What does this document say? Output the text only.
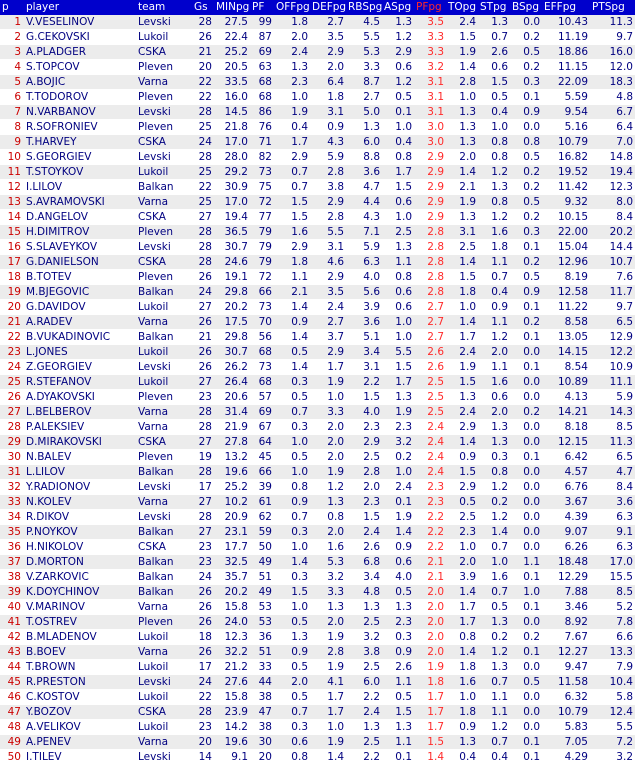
p	player	team	Gs	MINpg	PF	OFFpg	DEFpg	RBSpg	ASpg	PFpg	TOpg	STpg	BSpg	EFFpg	PTSpg
1	V.VESELINOV	Levski	28	27.5	99	1.8	2.7	4.5	1.3	3.5	2.4	1.3	0.0	10.43	11.3
2	G.CEKOVSKI	Lukoil	26	22.4	87	2.0	3.5	5.5	1.2	3.3	1.5	0.7	0.2	11.19	9.7
3	A.PLADGER	CSKA	21	25.2	69	2.4	2.9	5.3	2.9	3.3	1.9	2.6	0.5	18.86	16.0
4	S.TOPCOV	Pleven	20	20.5	63	1.3	2.0	3.3	0.6	3.2	1.4	0.6	0.2	11.15	12.0
5	A.BOJIC	Varna	22	33.5	68	2.3	6.4	8.7	1.2	3.1	2.8	1.5	0.3	22.09	18.3
6	T.TODOROV	Pleven	22	16.0	68	1.0	1.8	2.7	0.5	3.1	1.0	0.5	0.1	5.59	4.8
7	N.VARBANOV	Levski	28	14.5	86	1.9	3.1	5.0	0.1	3.1	1.3	0.4	0.9	9.54	6.7
8	R.SOFRONIEV	Pleven	25	21.8	76	0.4	0.9	1.3	1.0	3.0	1.3	1.0	0.0	5.16	6.4
9	T.HARVEY	CSKA	24	17.0	71	1.7	4.3	6.0	0.4	3.0	1.3	0.8	0.8	10.79	7.0
10	S.GEORGIEV	Levski	28	28.0	82	2.9	5.9	8.8	0.8	2.9	2.0	0.8	0.5	16.82	14.8
11	T.STOYKOV	Lukoil	25	29.2	73	0.7	2.8	3.6	1.7	2.9	1.4	1.2	0.2	19.52	19.4
12	I.LILOV	Balkan	22	30.9	75	0.7	3.8	4.7	1.5	2.9	2.1	1.3	0.2	11.42	12.3
13	S.AVRAMOVSKI	Varna	25	17.0	72	1.5	2.9	4.4	0.6	2.9	1.9	0.8	0.5	9.32	8.0
14	D.ANGELOV	CSKA	27	19.4	77	1.5	2.8	4.3	1.0	2.9	1.3	1.2	0.2	10.15	8.4
15	H.DIMITROV	Pleven	28	36.5	79	1.6	5.5	7.1	2.5	2.8	3.1	1.6	0.3	22.00	20.2
16	S.SLAVEYKOV	Levski	28	30.7	79	2.9	3.1	5.9	1.3	2.8	2.5	1.8	0.1	15.04	14.4
17	G.DANIELSON	CSKA	28	24.6	79	1.8	4.6	6.3	1.1	2.8	1.4	1.1	0.2	12.96	10.7
18	B.TOTEV	Pleven	26	19.1	72	1.1	2.9	4.0	0.8	2.8	1.5	0.7	0.5	8.19	7.6
19	M.BJEGOVIC	Balkan	24	29.8	66	2.1	3.5	5.6	0.6	2.8	1.8	0.4	0.9	12.58	11.7
20	G.DAVIDOV	Lukoil	27	20.2	73	1.4	2.4	3.9	0.6	2.7	1.0	0.9	0.1	11.22	9.7
21	A.RADEV	Varna	26	17.5	70	0.9	2.7	3.6	1.0	2.7	1.4	1.1	0.2	8.58	6.5
22	B.VUKADINOVIC	Balkan	21	29.8	56	1.4	3.7	5.1	1.0	2.7	1.7	1.2	0.1	13.05	12.9
23	L.JONES	Lukoil	26	30.7	68	0.5	2.9	3.4	5.5	2.6	2.4	2.0	0.0	14.15	12.2
24	Z.GEORGIEV	Levski	26	26.2	73	1.4	1.7	3.1	1.5	2.6	1.9	1.1	0.1	8.54	10.9
25	R.STEFANOV	Lukoil	27	26.4	68	0.3	1.9	2.2	1.7	2.5	1.5	1.6	0.0	10.89	11.1
26	A.DYAKOVSKI	Pleven	23	20.6	57	0.5	1.0	1.5	1.3	2.5	1.3	0.6	0.0	4.13	5.9
27	L.BELBEROV	Varna	28	31.4	69	0.7	3.3	4.0	1.9	2.5	2.4	2.0	0.2	14.21	14.3
28	P.ALEKSIEV	Varna	28	21.9	67	0.3	2.0	2.3	2.3	2.4	2.9	1.3	0.0	8.18	8.5
29	D.MIRAKOVSKI	CSKA	27	27.8	64	1.0	2.0	2.9	3.2	2.4	1.4	1.3	0.0	12.15	11.3
30	N.BALEV	Pleven	19	13.2	45	0.5	2.0	2.5	0.2	2.4	0.9	0.3	0.1	6.42	6.5
31	L.LILOV	Balkan	28	19.6	66	1.0	1.9	2.8	1.0	2.4	1.5	0.8	0.0	4.57	4.7
32	Y.RADIONOV	Levski	17	25.2	39	0.8	1.2	2.0	2.4	2.3	2.9	1.2	0.0	6.76	8.4
33	N.KOLEV	Varna	27	10.2	61	0.9	1.3	2.3	0.1	2.3	0.5	0.2	0.0	3.67	3.6
34	R.DIKOV	Levski	28	20.9	62	0.7	0.8	1.5	1.9	2.2	2.5	1.2	0.0	4.39	6.3
35	P.NOYKOV	Balkan	27	23.1	59	0.3	2.0	2.4	1.4	2.2	2.3	1.4	0.0	9.07	9.1
36	H.NIKOLOV	CSKA	23	17.7	50	1.0	1.6	2.6	0.9	2.2	1.0	0.7	0.0	6.26	6.3
37	D.MORTON	Balkan	23	32.5	49	1.4	5.3	6.8	0.6	2.1	2.0	1.0	1.1	18.48	17.0
38	V.ZARKOVIC	Balkan	24	35.7	51	0.3	3.2	3.4	4.0	2.1	3.9	1.6	0.1	12.29	15.5
39	K.DOYCHINOV	Balkan	26	20.2	49	1.5	3.3	4.8	0.5	2.0	1.4	0.7	1.0	7.88	8.5
40	V.MARINOV	Varna	26	15.8	53	1.0	1.3	1.3	1.3	2.0	1.7	0.5	0.1	3.46	5.2
41	T.OSTREV	Pleven	26	24.0	53	0.5	2.0	2.5	2.3	2.0	1.7	1.3	0.0	8.92	7.8
42	B.MLADENOV	Lukoil	18	12.3	36	1.3	1.9	3.2	0.3	2.0	0.8	0.2	0.2	7.67	6.6
43	B.BOEV	Varna	26	32.2	51	0.9	2.8	3.8	0.9	2.0	1.4	1.2	0.1	12.27	13.3
44	T.BROWN	Lukoil	17	21.2	33	0.5	1.9	2.5	2.6	1.9	1.8	1.3	0.0	9.47	7.9
45	R.PRESTON	Levski	24	27.6	44	2.0	4.1	6.0	1.1	1.8	1.6	0.7	0.5	11.58	10.4
46	C.KOSTOV	Lukoil	22	15.8	38	0.5	1.7	2.2	0.5	1.7	1.0	1.1	0.0	6.32	5.8
47	Y.BOZOV	CSKA	28	23.9	47	0.7	1.7	2.4	1.5	1.7	1.8	1.1	0.0	10.79	12.4
48	A.VELIKOV	Lukoil	23	14.2	38	0.3	1.0	1.3	1.3	1.7	0.9	1.2	0.0	5.83	5.5
49	A.PENEV	Varna	20	19.6	30	0.6	1.9	2.5	1.1	1.5	1.3	0.7	0.1	7.05	7.2
50	I.TILEV	Levski	14	9.1	20	0.8	1.4	2.2	0.1	1.4	0.4	0.4	0.1	4.29	3.2
